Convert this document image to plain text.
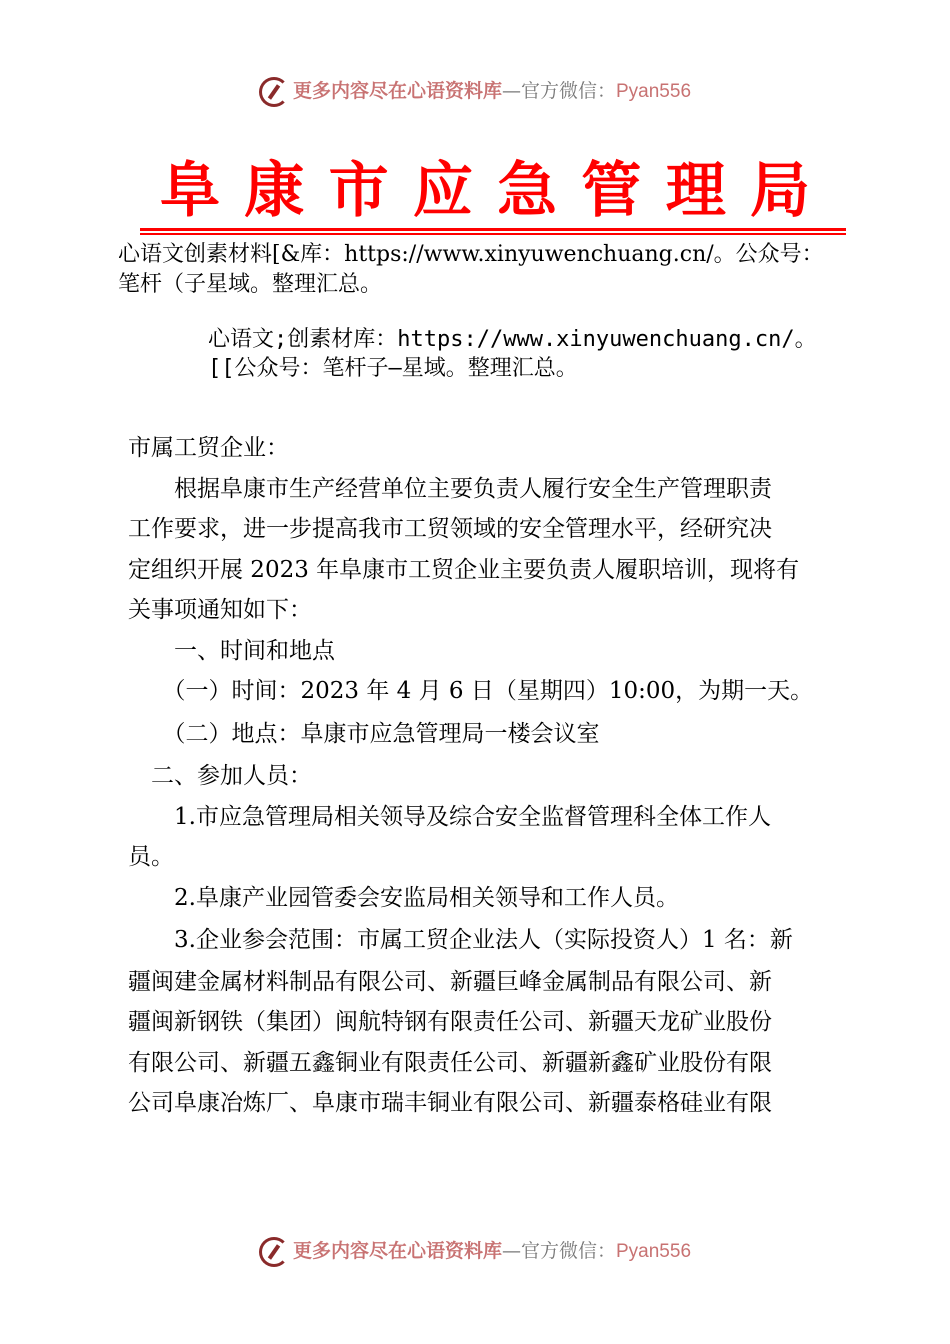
更多内容尽在心语资料库—官方微信：Pyan556
阜 康 市 应 急 管 理 局
心语文创素材料[&库：https://www.xinyuwenchuang.cn/。公众号：
笔杆（子星域。整理汇总。
心语文;创素材库：https://www.xinyuwenchuang.cn/。
[[公众号：笔杆子—星域。整理汇总。
市属工贸企业：
　　根据阜康市生产经营单位主要负责人履行安全生产管理职责
工作要求，进一步提高我市工贸领域的安全管理水平，经研究决
定组织开展 2023 年阜康市工贸企业主要负责人履职培训，现将有
关事项通知如下：
　　一、时间和地点
　　（一）时间：2023 年 4 月 6 日（星期四）10:00，为期一天。
　　（二）地点：阜康市应急管理局一楼会议室
　二、参加人员：
　　1.市应急管理局相关领导及综合安全监督管理科全体工作人
员。
　　2.阜康产业园管委会安监局相关领导和工作人员。
　　3.企业参会范围：市属工贸企业法人（实际投资人）1 名：新
疆闽建金属材料制品有限公司、新疆巨峰金属制品有限公司、新
疆闽新钢铁（集团）闽航特钢有限责任公司、新疆天龙矿业股份
有限公司、新疆五鑫铜业有限责任公司、新疆新鑫矿业股份有限
公司阜康冶炼厂、阜康市瑞丰铜业有限公司、新疆泰格硅业有限
更多内容尽在心语资料库—官方微信：Pyan556
